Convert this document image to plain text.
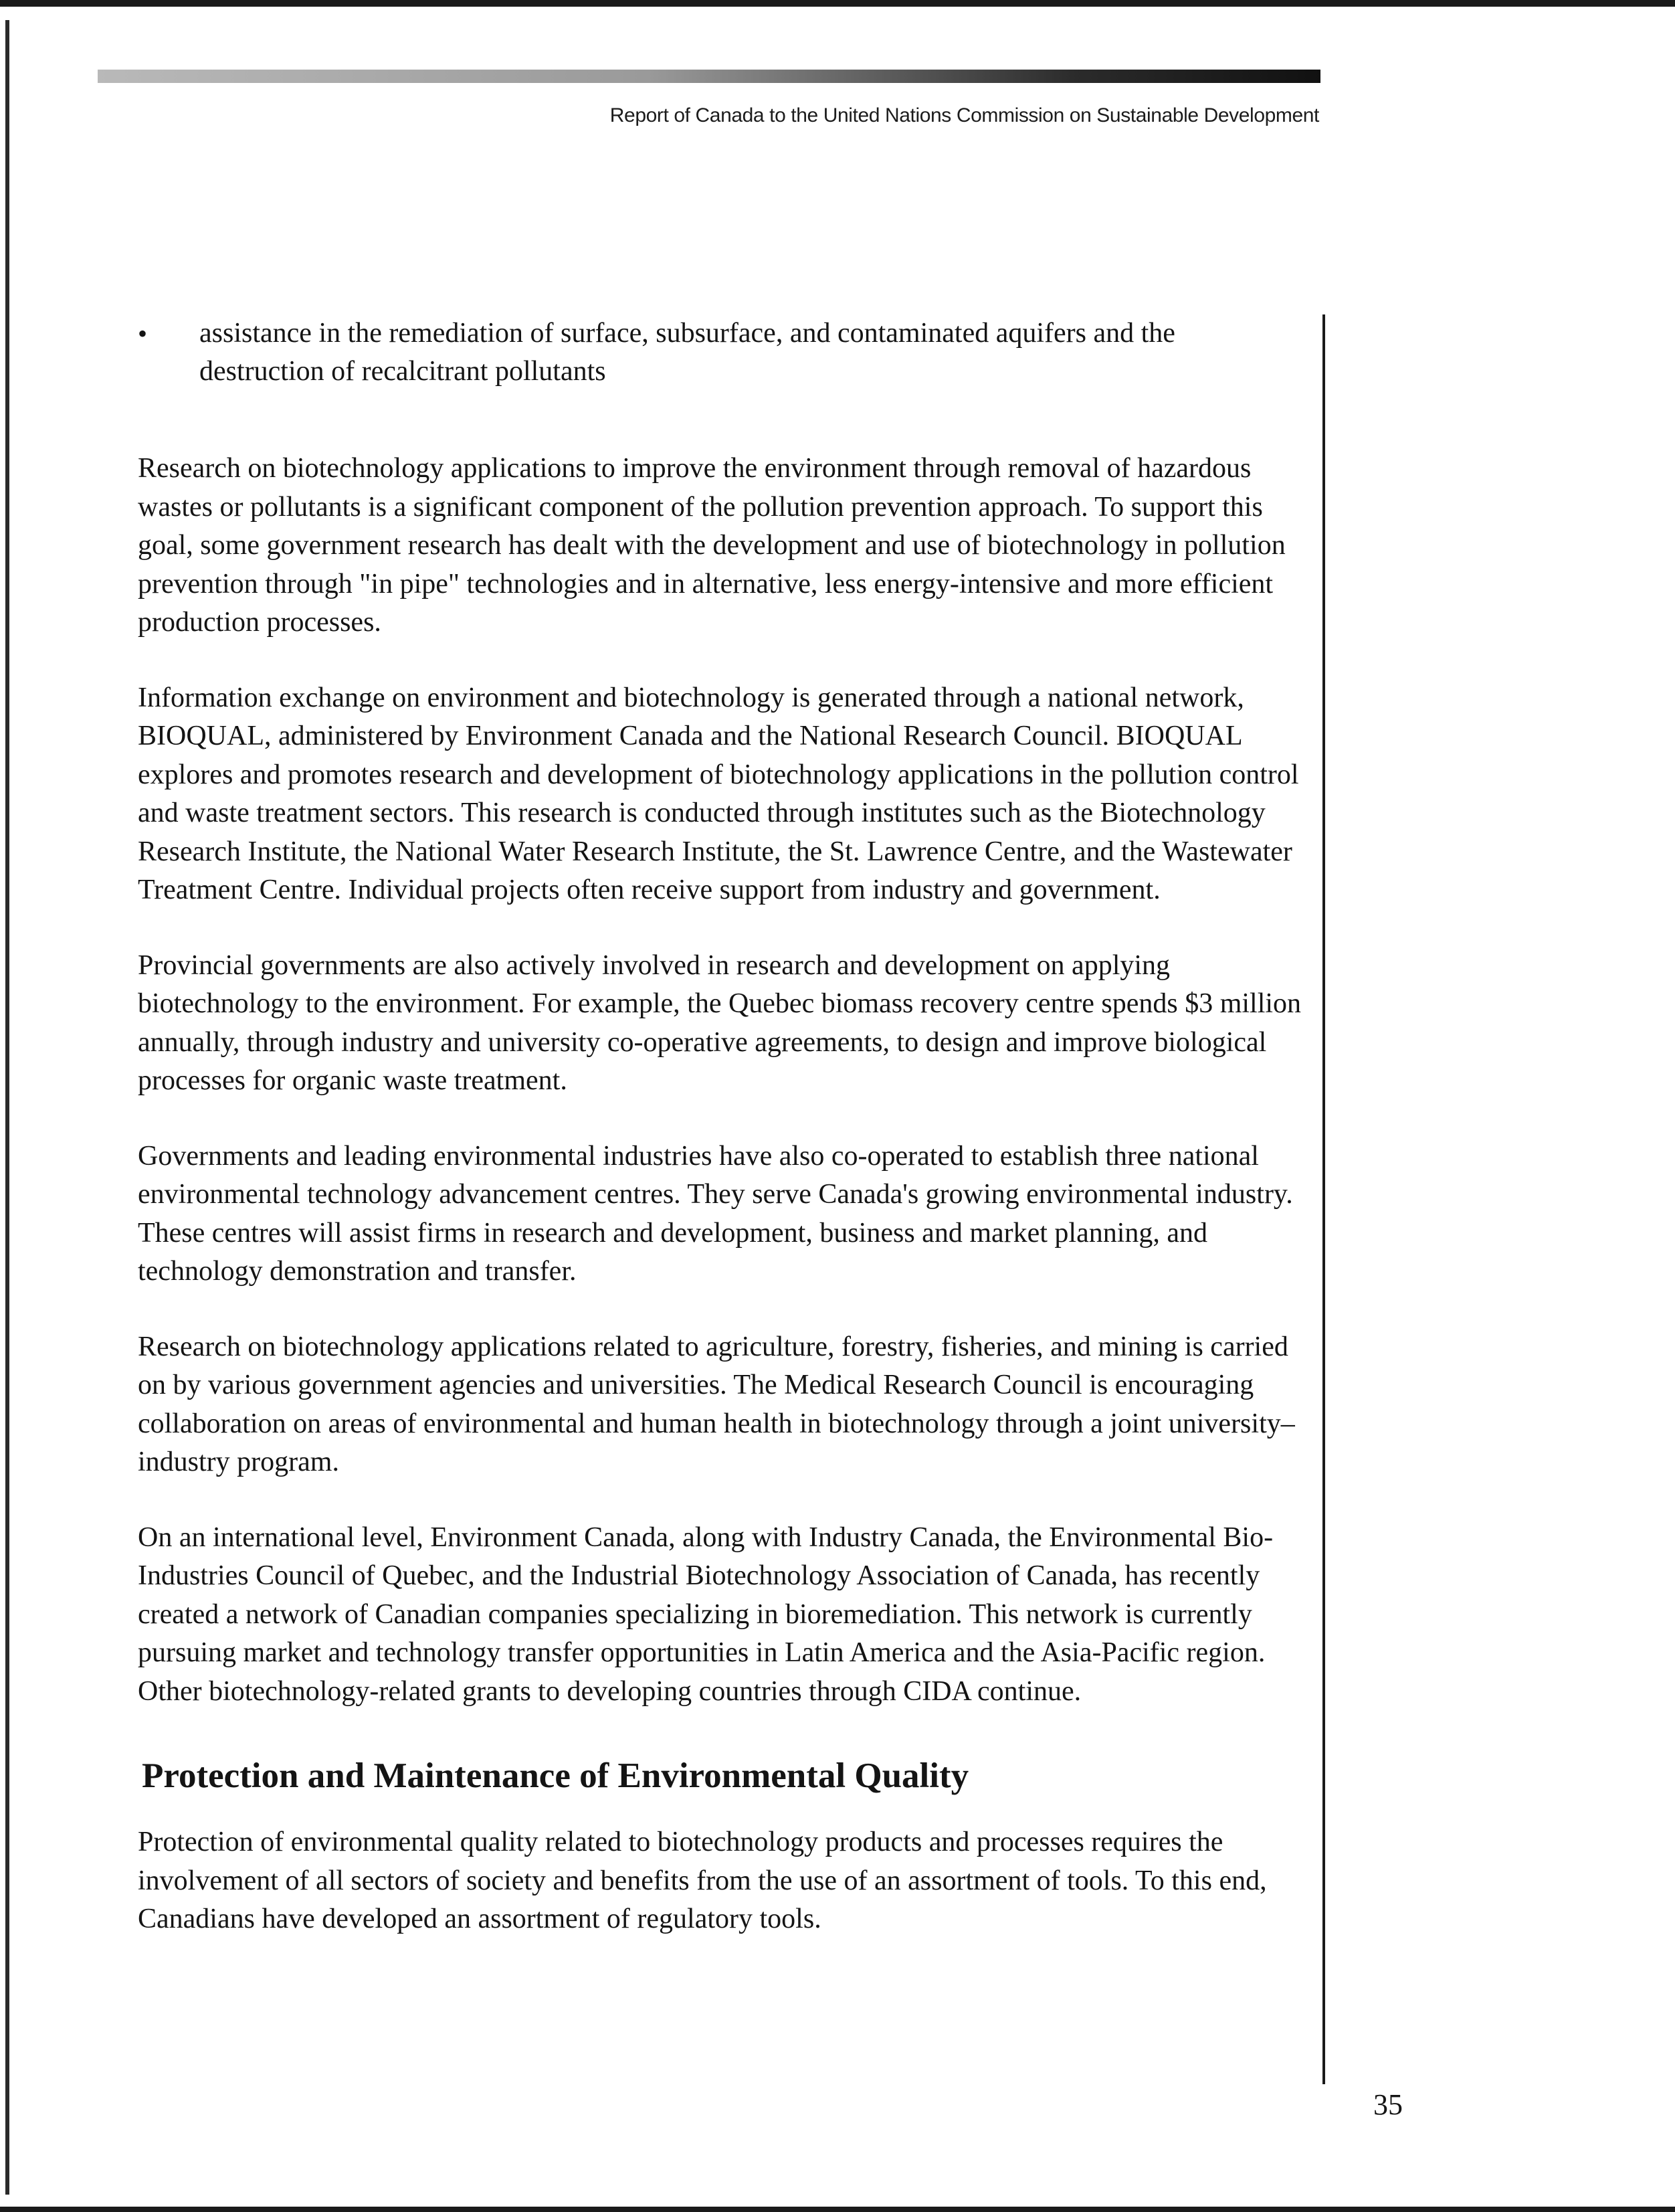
Report of Canada to the United Nations Commission on Sustainable Development
• assistance in the remediation of surface, subsurface, and contaminated aquifers and the destruction of recalcitrant pollutants

Research on biotechnology applications to improve the environment through removal of hazardous wastes or pollutants is a significant component of the pollution prevention approach. To support this goal, some government research has dealt with the development and use of biotechnology in pollution prevention through "in pipe" technologies and in alternative, less energy-intensive and more efficient production processes.

Information exchange on environment and biotechnology is generated through a national network, BIOQUAL, administered by Environment Canada and the National Research Council. BIOQUAL explores and promotes research and development of biotechnology applications in the pollution control and waste treatment sectors. This research is conducted through institutes such as the Biotechnology Research Institute, the National Water Research Institute, the St. Lawrence Centre, and the Wastewater Treatment Centre. Individual projects often receive support from industry and government.

Provincial governments are also actively involved in research and development on applying biotechnology to the environment. For example, the Quebec biomass recovery centre spends $3 million annually, through industry and university co-operative agreements, to design and improve biological processes for organic waste treatment.

Governments and leading environmental industries have also co-operated to establish three national environmental technology advancement centres. They serve Canada's growing environmental industry. These centres will assist firms in research and development, business and market planning, and technology demonstration and transfer.

Research on biotechnology applications related to agriculture, forestry, fisheries, and mining is carried on by various government agencies and universities. The Medical Research Council is encouraging collaboration on areas of environmental and human health in biotechnology through a joint university–industry program.

On an international level, Environment Canada, along with Industry Canada, the Environmental Bio-Industries Council of Quebec, and the Industrial Biotechnology Association of Canada, has recently created a network of Canadian companies specializing in bioremediation. This network is currently pursuing market and technology transfer opportunities in Latin America and the Asia-Pacific region. Other biotechnology-related grants to developing countries through CIDA continue.

Protection and Maintenance of Environmental Quality

Protection of environmental quality related to biotechnology products and processes requires the involvement of all sectors of society and benefits from the use of an assortment of tools. To this end, Canadians have developed an assortment of regulatory tools.

35
